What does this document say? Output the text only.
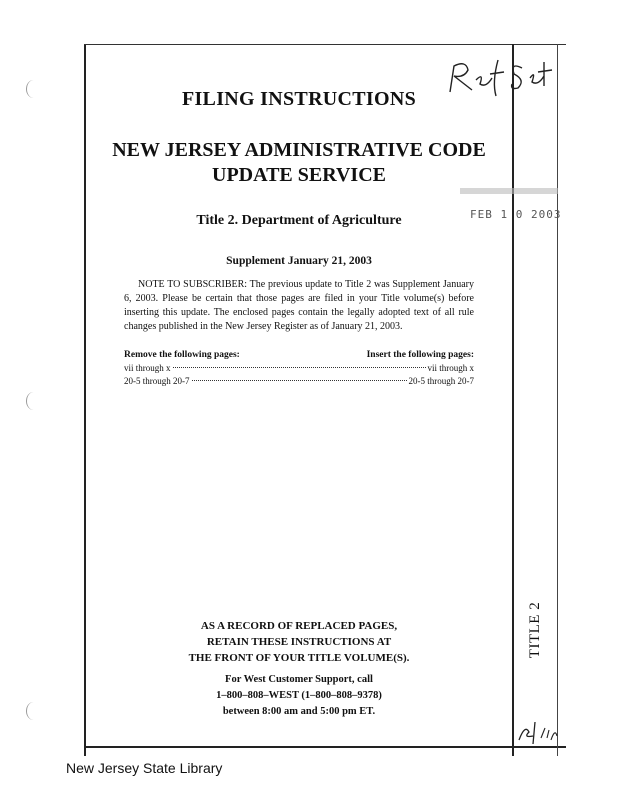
FILING INSTRUCTIONS
NEW JERSEY ADMINISTRATIVE CODE
UPDATE SERVICE
FEB 1 0 2003
Title 2. Department of Agriculture
Supplement January 21, 2003
NOTE TO SUBSCRIBER: The previous update to Title 2 was Supplement January 6, 2003. Please be certain that those pages are filed in your Title volume(s) before inserting this update. The enclosed pages contain the legally adopted text of all rule changes published in the New Jersey Register as of January 21, 2003.
Remove the following pages:	Insert the following pages:
vii through x	vii through x
20-5 through 20-7	20-5 through 20-7
AS A RECORD OF REPLACED PAGES,
RETAIN THESE INSTRUCTIONS AT
THE FRONT OF YOUR TITLE VOLUME(S).
For West Customer Support, call
1–800–808–WEST (1–800–808–9378)
between 8:00 am and 5:00 pm ET.
TITLE 2
New Jersey State Library
